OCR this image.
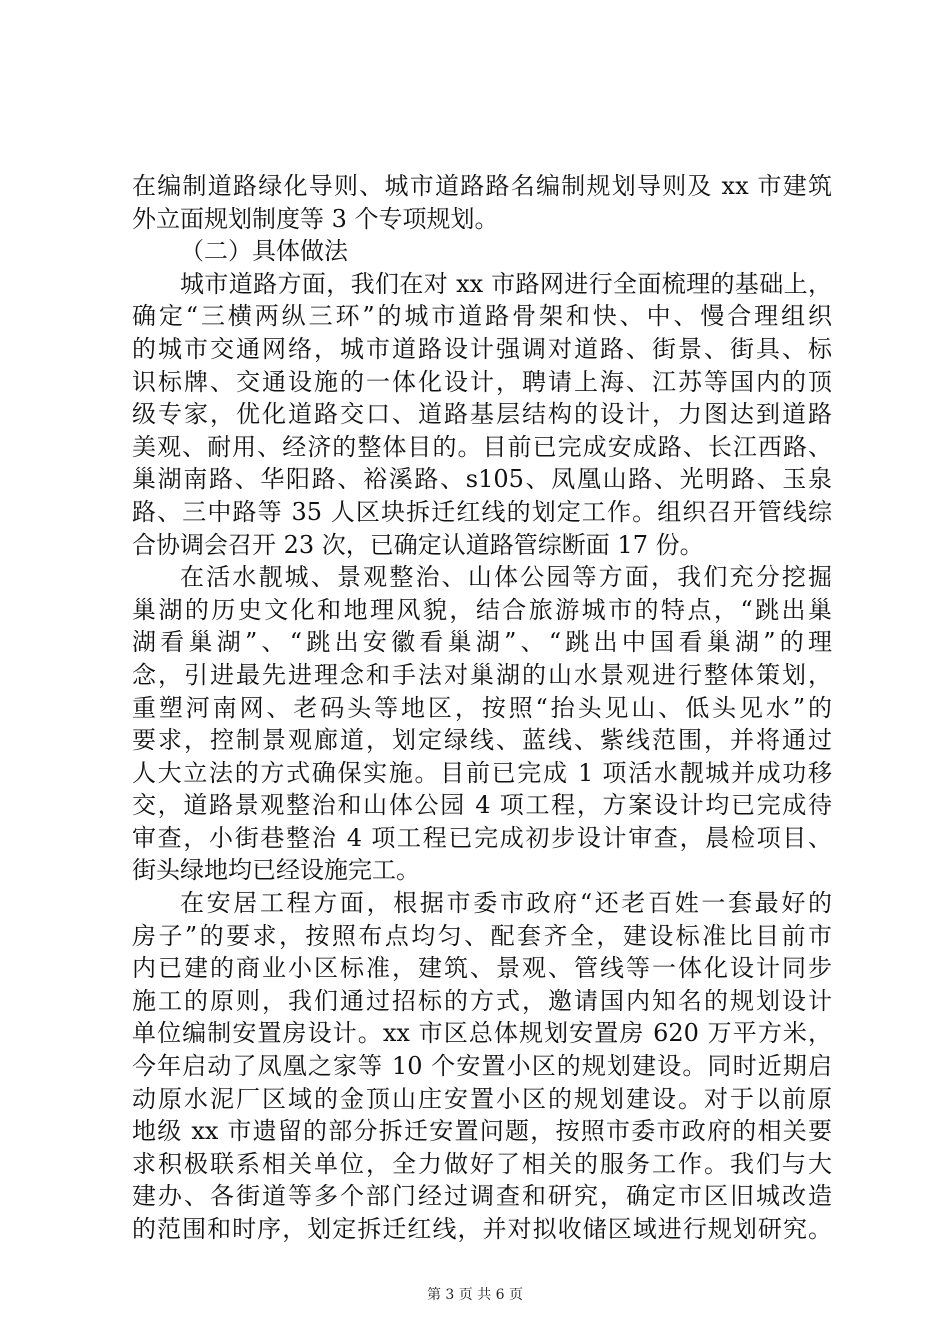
在编制道路绿化导则、城市道路路名编制规划导则及 xx 市建筑
外立面规划制度等 3 个专项规划。
（二）具体做法
城市道路方面，我们在对 xx 市路网进行全面梳理的基础上，
确定“三横两纵三环”的城市道路骨架和快、中、慢合理组织
的城市交通网络，城市道路设计强调对道路、街景、街具、标
识标牌、交通设施的一体化设计，聘请上海、江苏等国内的顶
级专家，优化道路交口、道路基层结构的设计，力图达到道路
美观、耐用、经济的整体目的。目前已完成安成路、长江西路、
巢湖南路、华阳路、裕溪路、s105、凤凰山路、光明路、玉泉
路、三中路等 35 人区块拆迁红线的划定工作。组织召开管线综
合协调会召开 23 次，已确定认道路管综断面 17 份。
在活水靓城、景观整治、山体公园等方面，我们充分挖掘
巢湖的历史文化和地理风貌，结合旅游城市的特点，“跳出巢
湖看巢湖”、“跳出安徽看巢湖”、“跳出中国看巢湖”的理
念，引进最先进理念和手法对巢湖的山水景观进行整体策划，
重塑河南网、老码头等地区，按照“抬头见山、低头见水”的
要求，控制景观廊道，划定绿线、蓝线、紫线范围，并将通过
人大立法的方式确保实施。目前已完成 1 项活水靓城并成功移
交，道路景观整治和山体公园 4 项工程，方案设计均已完成待
审查，小街巷整治 4 项工程已完成初步设计审查，晨检项目、
街头绿地均已经设施完工。
在安居工程方面，根据市委市政府“还老百姓一套最好的
房子”的要求，按照布点均匀、配套齐全，建设标准比目前市
内已建的商业小区标准，建筑、景观、管线等一体化设计同步
施工的原则，我们通过招标的方式，邀请国内知名的规划设计
单位编制安置房设计。xx 市区总体规划安置房 620 万平方米，
今年启动了凤凰之家等 10 个安置小区的规划建设。同时近期启
动原水泥厂区域的金顶山庄安置小区的规划建设。对于以前原
地级 xx 市遗留的部分拆迁安置问题，按照市委市政府的相关要
求积极联系相关单位，全力做好了相关的服务工作。我们与大
建办、各街道等多个部门经过调查和研究，确定市区旧城改造
的范围和时序，划定拆迁红线，并对拟收储区域进行规划研究。
第 3 页 共 6 页
